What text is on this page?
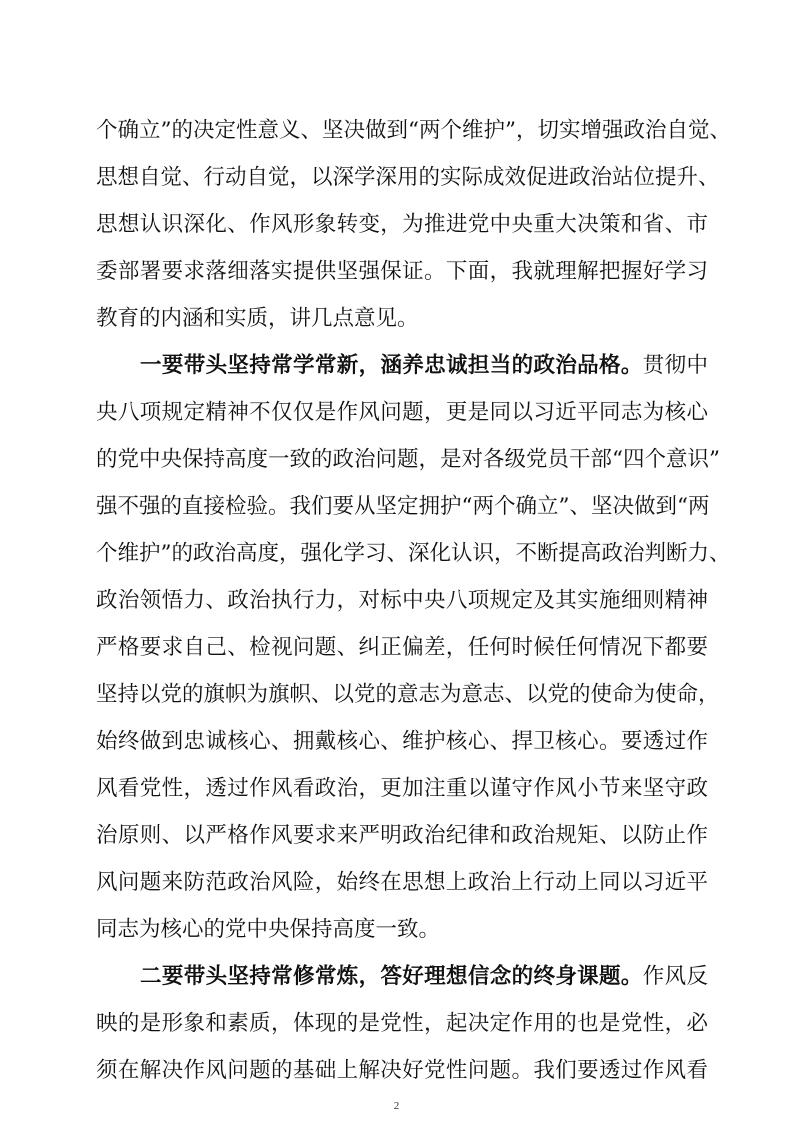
个确立”的决定性意义、坚决做到“两个维护”，切实增强政治自觉、
思想自觉、行动自觉，以深学深用的实际成效促进政治站位提升、
思想认识深化、作风形象转变，为推进党中央重大决策和省、市
委部署要求落细落实提供坚强保证。下面，我就理解把握好学习
教育的内涵和实质，讲几点意见。
一要带头坚持常学常新，涵养忠诚担当的政治品格。贯彻中
央八项规定精神不仅仅是作风问题，更是同以习近平同志为核心
的党中央保持高度一致的政治问题，是对各级党员干部“四个意识”
强不强的直接检验。我们要从坚定拥护“两个确立”、坚决做到“两
个维护”的政治高度，强化学习、深化认识，不断提高政治判断力、
政治领悟力、政治执行力，对标中央八项规定及其实施细则精神
严格要求自己、检视问题、纠正偏差，任何时候任何情况下都要
坚持以党的旗帜为旗帜、以党的意志为意志、以党的使命为使命，
始终做到忠诚核心、拥戴核心、维护核心、捍卫核心。要透过作
风看党性，透过作风看政治，更加注重以谨守作风小节来坚守政
治原则、以严格作风要求来严明政治纪律和政治规矩、以防止作
风问题来防范政治风险，始终在思想上政治上行动上同以习近平
同志为核心的党中央保持高度一致。
二要带头坚持常修常炼，答好理想信念的终身课题。作风反
映的是形象和素质，体现的是党性，起决定作用的也是党性，必
须在解决作风问题的基础上解决好党性问题。我们要透过作风看
2
